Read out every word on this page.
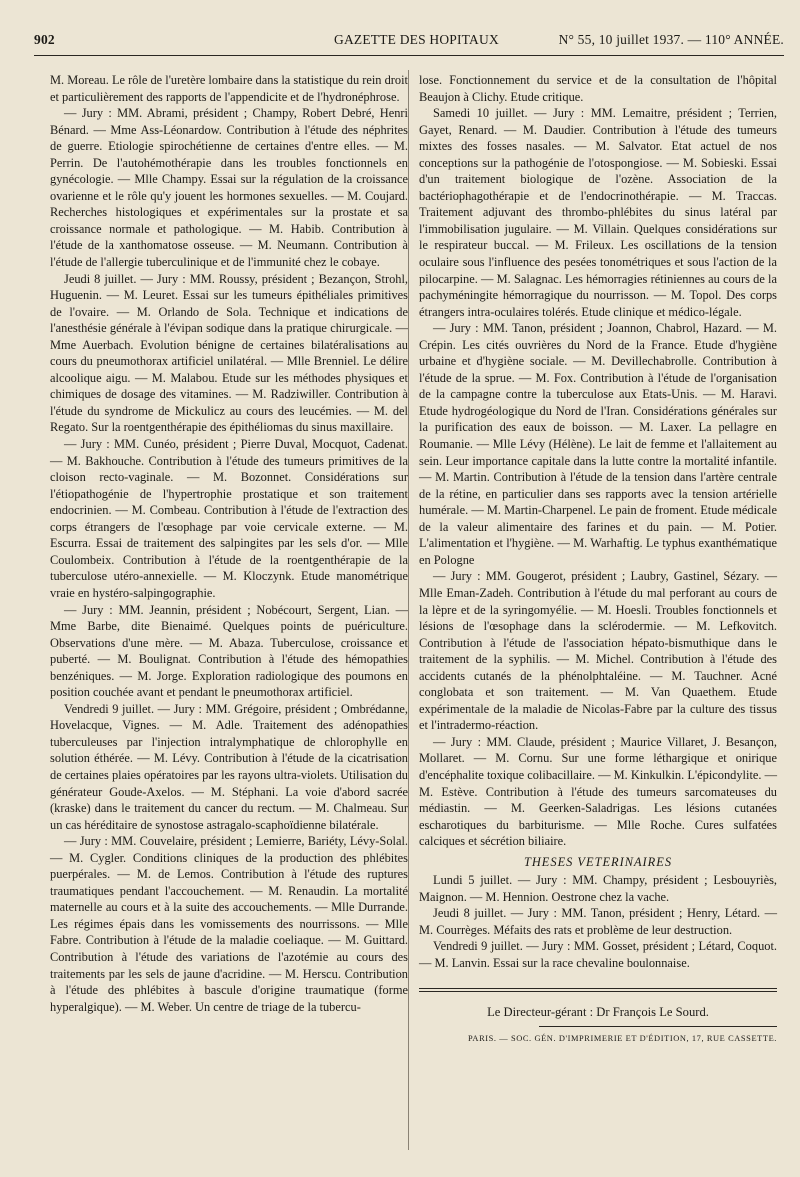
902	GAZETTE DES HOPITAUX	N° 55, 10 juillet 1937. — 110° ANNÉE.

M. Moreau. Le rôle de l'uretère lombaire dans la statistique du rein droit et particulièrement des rapports de l'appendicite et de l'hydronéphrose.

— Jury : MM. Abrami, président ; Champy, Robert Debré, Henri Bénard. — Mme Ass-Léonardow. Contribution à l'étude des néphrites de guerre. Etiologie spirochétienne de certaines d'entre elles. — M. Perrin. De l'autohémothérapie dans les troubles fonctionnels en gynécologie. — Mlle Champy. Essai sur la régulation de la croissance ovarienne et le rôle qu'y jouent les hormones sexuelles. — M. Coujard. Recherches histologiques et expérimentales sur la prostate et sa croissance normale et pathologique. — M. Habib. Contribution à l'étude de la xanthomatose osseuse. — M. Neumann. Contribution à l'étude de l'allergie tuberculinique et de l'immunité chez le cobaye.

Jeudi 8 juillet. — Jury : MM. Roussy, président ; Bezançon, Strohl, Huguenin. — M. Leuret. Essai sur les tumeurs épithéliales primitives de l'ovaire. — M. Orlando de Sola. Technique et indications de l'anesthésie générale à l'évipan sodique dans la pratique chirurgicale. — Mme Auerbach. Evolution bénigne de certaines bilatéralisations au cours du pneumothorax artificiel unilatéral. — Mlle Brenniel. Le délire alcoolique aigu. — M. Malabou. Etude sur les méthodes physiques et chimiques de dosage des vitamines. — M. Radziwiller. Contribution à l'étude du syndrome de Mickulicz au cours des leucémies. — M. del Regato. Sur la roentgenthérapie des épithéliomas du sinus maxillaire.

— Jury : MM. Cunéo, président ; Pierre Duval, Mocquot, Cadenat. — M. Bakhouche. Contribution à l'étude des tumeurs primitives de la cloison recto-vaginale. — M. Bozonnet. Considérations sur l'étiopathogénie de l'hypertrophie prostatique et son traitement endocrinien. — M. Combeau. Contribution à l'étude de l'extraction des corps étrangers de l'œsophage par voie cervicale externe. — M. Escurra. Essai de traitement des salpingites par les sels d'or. — Mlle Coulombeix. Contribution à l'étude de la roentgenthérapie de la tuberculose utéro-annexielle. — M. Kloczynk. Etude manométrique vraie en hystéro-salpingographie.

— Jury : MM. Jeannin, président ; Nobécourt, Sergent, Lian. — Mme Barbe, dite Bienaimé. Quelques points de puériculture. Observations d'une mère. — M. Abaza. Tuberculose, croissance et puberté. — M. Boulignat. Contribution à l'étude des hémopathies benzéniques. — M. Jorge. Exploration radiologique des poumons en position couchée avant et pendant le pneumothorax artificiel.

Vendredi 9 juillet. — Jury : MM. Grégoire, président ; Ombrédanne, Hovelacque, Vignes. — M. Adle. Traitement des adénopathies tuberculeuses par l'injection intralymphatique de chlorophylle en solution éthérée. — M. Lévy. Contribution à l'étude de la cicatrisation de certaines plaies opératoires par les rayons ultra-violets. Utilisation du générateur Goude-Axelos. — M. Stéphani. La voie d'abord sacrée (kraske) dans le traitement du cancer du rectum. — M. Chalmeau. Sur un cas héréditaire de synostose astragalo-scaphoïdienne bilatérale.

— Jury : MM. Couvelaire, président ; Lemierre, Bariéty, Lévy-Solal. — M. Cygler. Conditions cliniques de la production des phlébites puerpérales. — M. de Lemos. Contribution à l'étude des ruptures traumatiques pendant l'accouchement. — M. Renaudin. La mortalité maternelle au cours et à la suite des accouchements. — Mlle Durrande. Les régimes épais dans les vomissements des nourrissons. — Mlle Fabre. Contribution à l'étude de la maladie coeliaque. — M. Guittard. Contribution à l'étude des variations de l'azotémie au cours des traitements par les sels de jaune d'acridine. — M. Herscu. Contribution à l'étude des phlébites à bascule d'origine traumatique (forme hyperalgique). — M. Weber. Un centre de triage de la tubercu-

lose. Fonctionnement du service et de la consultation de l'hôpital Beaujon à Clichy. Etude critique.

Samedi 10 juillet. — Jury : MM. Lemaitre, président ; Terrien, Gayet, Renard. — M. Daudier. Contribution à l'étude des tumeurs mixtes des fosses nasales. — M. Salvator. Etat actuel de nos conceptions sur la pathogénie de l'otospongiose. — M. Sobieski. Essai d'un traitement biologique de l'ozène. Association de la bactériophagothérapie et de l'endocrinothérapie. — M. Traccas. Traitement adjuvant des thrombo-phlébites du sinus latéral par l'immobilisation jugulaire. — M. Villain. Quelques considérations sur le respirateur buccal. — M. Frileux. Les oscillations de la tension oculaire sous l'influence des pesées tonométriques et sous l'action de la pilocarpine. — M. Salagnac. Les hémorragies rétiniennes au cours de la pachyméningite hémorragique du nourrisson. — M. Topol. Des corps étrangers intra-oculaires tolérés. Etude clinique et médico-légale.

— Jury : MM. Tanon, président ; Joannon, Chabrol, Hazard. — M. Crépin. Les cités ouvrières du Nord de la France. Etude d'hygiène urbaine et d'hygiène sociale. — M. Devillechabrolle. Contribution à l'étude de la sprue. — M. Fox. Contribution à l'étude de l'organisation de la campagne contre la tuberculose aux Etats-Unis. — M. Haravi. Etude hydrogéologique du Nord de l'Iran. Considérations générales sur la purification des eaux de boisson. — M. Laxer. La pellagre en Roumanie. — Mlle Lévy (Hélène). Le lait de femme et l'allaitement au sein. Leur importance capitale dans la lutte contre la mortalité infantile. — M. Martin. Contribution à l'étude de la tension dans l'artère centrale de la rétine, en particulier dans ses rapports avec la tension artérielle humérale. — M. Martin-Charpenel. Le pain de froment. Etude médicale de la valeur alimentaire des farines et du pain. — M. Potier. L'alimentation et l'hygiène. — M. Warhaftig. Le typhus exanthématique en Pologne

— Jury : MM. Gougerot, président ; Laubry, Gastinel, Sézary. — Mlle Eman-Zadeh. Contribution à l'étude du mal perforant au cours de la lèpre et de la syringomyélie. — M. Hoesli. Troubles fonctionnels et lésions de l'œsophage dans la sclérodermie. — M. Lefkovitch. Contribution à l'étude de l'association hépato-bismuthique dans le traitement de la syphilis. — M. Michel. Contribution à l'étude des accidents cutanés de la phénolphtaléine. — M. Tauchner. Acné conglobata et son traitement. — M. Van Quaethem. Etude expérimentale de la maladie de Nicolas-Fabre par la culture des tissus et l'intradermo-réaction.

— Jury : MM. Claude, président ; Maurice Villaret, J. Besançon, Mollaret. — M. Cornu. Sur une forme léthargique et onirique d'encéphalite toxique colibacillaire. — M. Kinkulkin. L'épicondylite. — M. Estève. Contribution à l'étude des tumeurs sarcomateuses du médiastin. — M. Geerken-Saladrigas. Les lésions cutanées escharotiques du barbiturisme. — Mlle Roche. Cures sulfatées calciques et sécrétion biliaire.

THESES VETERINAIRES

Lundi 5 juillet. — Jury : MM. Champy, président ; Lesbouyriès, Maignon. — M. Hennion. Oestrone chez la vache.

Jeudi 8 juillet. — Jury : MM. Tanon, président ; Henry, Létard. — M. Courrèges. Méfaits des rats et problème de leur destruction.

Vendredi 9 juillet. — Jury : MM. Gosset, président ; Létard, Coquot. — M. Lanvin. Essai sur la race chevaline boulonnaise.

Le Directeur-gérant : Dr François Le Sourd.
PARIS. — SOC. GÉN. D'IMPRIMERIE ET D'ÉDITION, 17, RUE CASSETTE.
